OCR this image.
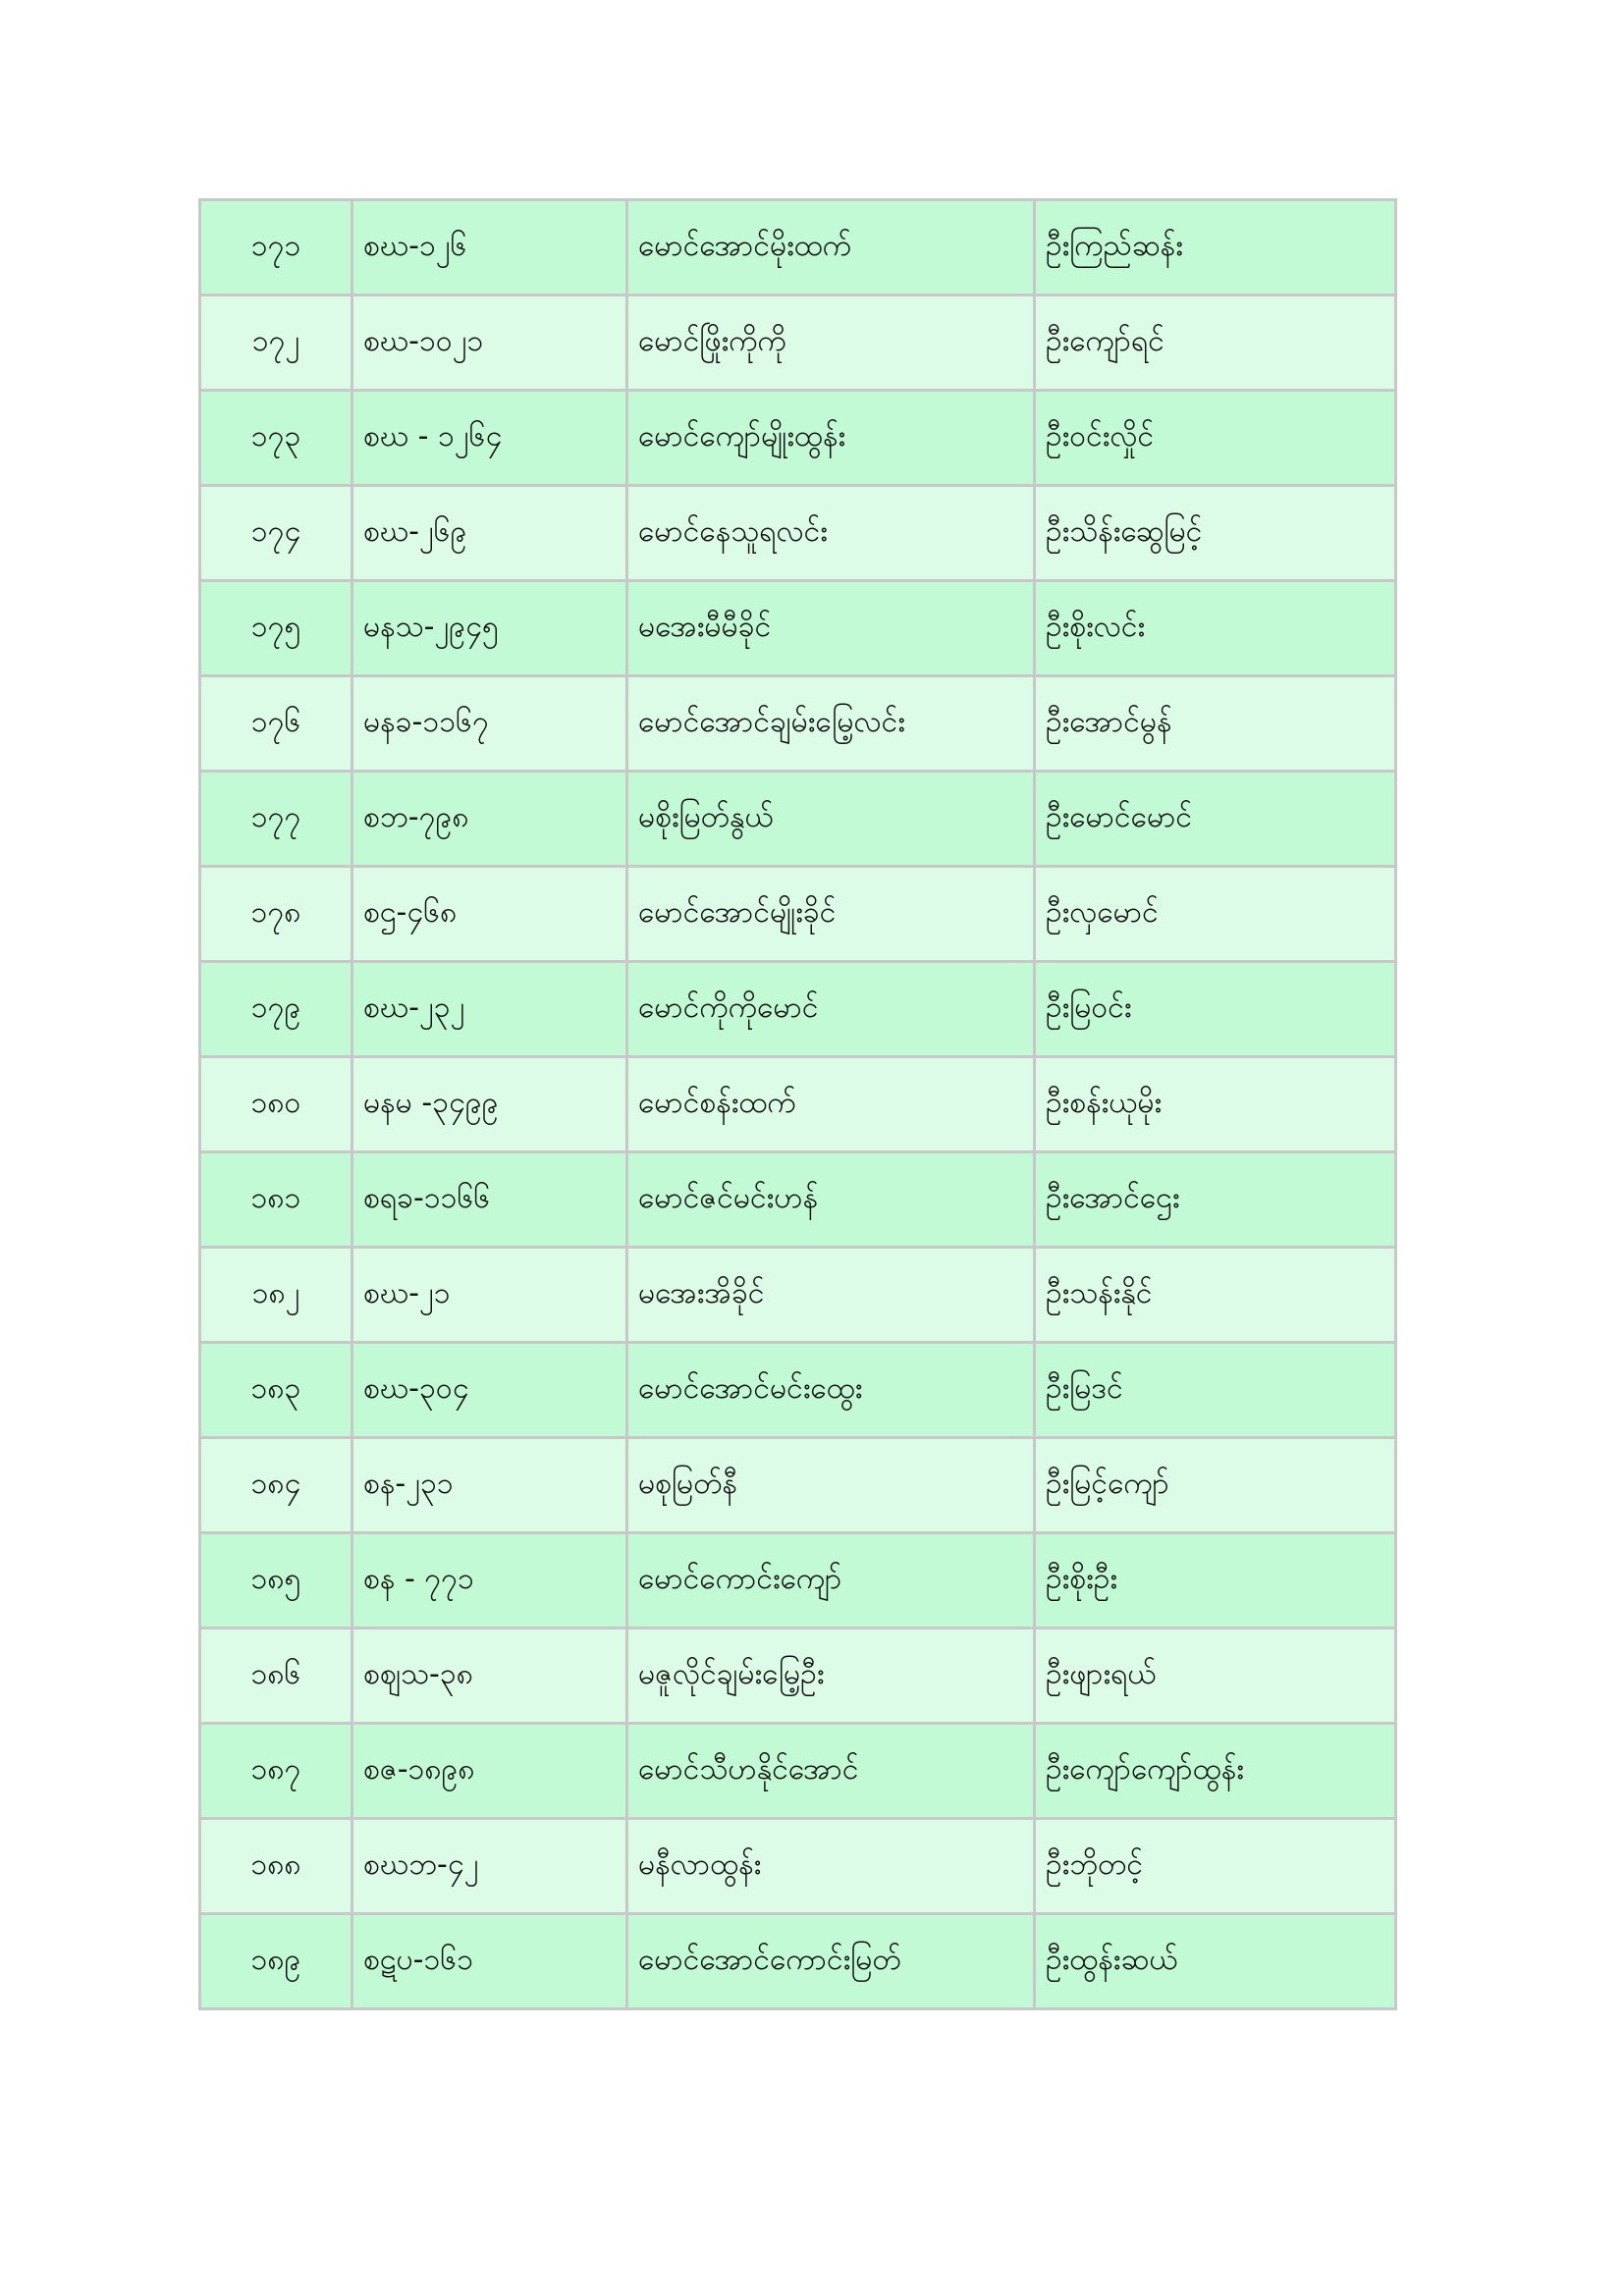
၁၇၁	စဃ-၁၂၆	မောင်အောင်မိုးထက်	ဦးကြည်ဆန်း
၁၇၂	စဃ-၁၀၂၁	မောင်ဖြိုးကိုကို	ဦးကျော်ရင်
၁၇၃	စဃ - ၁၂၆၄	မောင်ကျော်မျိုးထွန်း	ဦးဝင်းလှိုင်
၁၇၄	စဃ-၂၆၉	မောင်နေသူရလင်း	ဦးသိန်းဆွေမြင့်
၁၇၅	မနသ-၂၉၄၅	မအေးမီမီခိုင်	ဦးစိုးလင်း
၁၇၆	မနခ-၁၁၆၇	မောင်အောင်ချမ်းမြေ့လင်း	ဦးအောင်မွန်
၁၇၇	စဘ-၇၉၈	မစိုးမြတ်နွယ်	ဦးမောင်မောင်
၁၇၈	စဌ-၄၆၈	မောင်အောင်မျိုးခိုင်	ဦးလှမောင်
၁၇၉	စဃ-၂၃၂	မောင်ကိုကိုမောင်	ဦးမြဝင်း
၁၈၀	မနမ -၃၄၉၉	မောင်စန်းထက်	ဦးစန်းယုမိုး
၁၈၁	စရခ-၁၁၆၆	မောင်ဇင်မင်းဟန်	ဦးအောင်ဌေး
၁၈၂	စဃ-၂၁	မအေးအိခိုင်	ဦးသန်းနိုင်
၁၈၃	စဃ-၃၀၄	မောင်အောင်မင်းထွေး	ဦးမြဒင်
၁၈၄	စန-၂၃၁	မစုမြတ်နီ	ဦးမြင့်ကျော်
၁၈၅	စန - ၇၇၁	မောင်ကောင်းကျော်	ဦးစိုးဦး
၁၈၆	စဈသ-၃၈	မဇူလိုင်ချမ်းမြေ့ဦး	ဦးဖျားရယ်
၁၈၇	စဇ-၁၈၉၈	မောင်သီဟနိုင်အောင်	ဦးကျော်ကျော်ထွန်း
၁၈၈	စဃဘ-၄၂	မနီလာထွန်း	ဦးဘိုတင့်
၁၈၉	စဋပ-၁၆၁	မောင်အောင်ကောင်းမြတ်	ဦးထွန်းဆယ်
